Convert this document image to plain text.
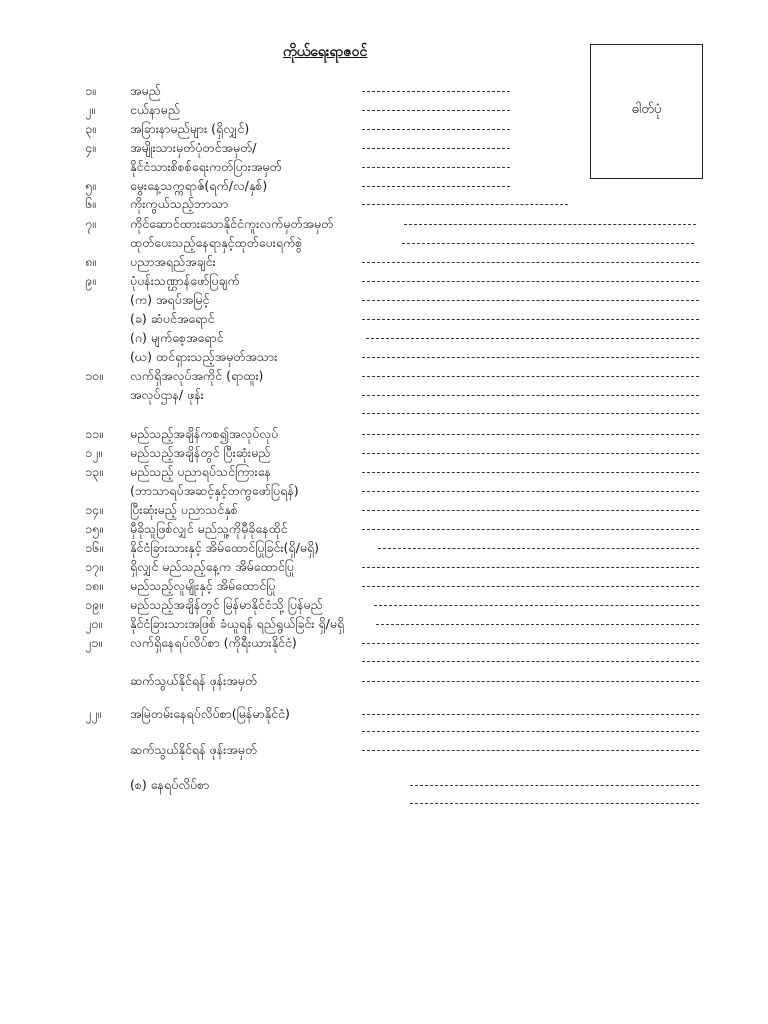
ကိုယ်ရေးရာဇဝင်
ဓါတ်ပုံ
၁။	အမည်
၂။	ငယ်နာမည်
၃။	အခြားနာမည်များ (ရှိလျှင်)
၄။	အမျိုးသားမှတ်ပုံတင်အမှတ်/
နိုင်ငံသားစိစစ်ရေးကတ်ပြားအမှတ်
၅။	မွေးနေ့သက္ကရာဇ်(ရက်/လ/နှစ်)
၆။	ကိုးကွယ်သည့်ဘာသာ
၇။	ကိုင်ဆောင်ထားသောနိုင်ငံကူးလက်မှတ်အမှတ်
ထုတ်ပေးသည့်နေရာနှင့်ထုတ်ပေးရက်စွဲ
၈။	ပညာအရည်အချင်း
၉။	ပုံပန်းသဏ္ဌာန်ဖော်ပြချက်
(က) အရပ်အမြင့်
(ခ) ဆံပင်အရောင်
(ဂ) မျက်စေ့အရောင်
(ဃ) ထင်ရှားသည့်အမှတ်အသား
၁၀။ လက်ရှိအလုပ်အကိုင် (ရာထူး)
အလုပ်ဌာန/ ဖုန်း
၁၁။ မည်သည့်အချိန်ကစ၍အလုပ်လုပ်
၁၂။ မည်သည့်အချိန်တွင် ပြီးဆုံးမည်
၁၃။ မည်သည့် ပညာရပ်သင်ကြားနေ
(ဘာသာရပ်အဆင့်နှင့်တကွဖော်ပြရန်)
၁၄။ ပြီးဆုံးမည့် ပညာသင်နှစ်
၁၅။ မှီခိုသူဖြစ်လျှင် မည်သူ့ကိုမှီခိုနေထိုင်
၁၆။ နိုင်ငံခြားသားနှင့် အိမ်ထောင်ပြုခြင်း(ရှိ/မရှိ)
၁၇။ ရှိလျှင် မည်သည့်နေ့က အိမ်ထောင်ပြု
၁၈။ မည်သည့်လူမျိုးနှင့် အိမ်ထောင်ပြု
၁၉။ မည်သည့်အချိန်တွင် မြန်မာနိုင်ငံသို့ ပြန်မည်
၂၀။ နိုင်ငံခြားသားအဖြစ် ခံယူရန် ရည်ရွယ်ခြင်း ရှိ/မရှိ
၂၁။ လက်ရှိနေရပ်လိပ်စာ (ကိုရီးယားနိုင်ငံ)
ဆက်သွယ်နိုင်ရန် ဖုန်းအမှတ်
၂၂။ အမြဲတမ်းနေရပ်လိပ်စာ(မြန်မာနိုင်ငံ)
ဆက်သွယ်နိုင်ရန် ဖုန်းအမှတ်
(စ) နေရပ်လိပ်စာ
